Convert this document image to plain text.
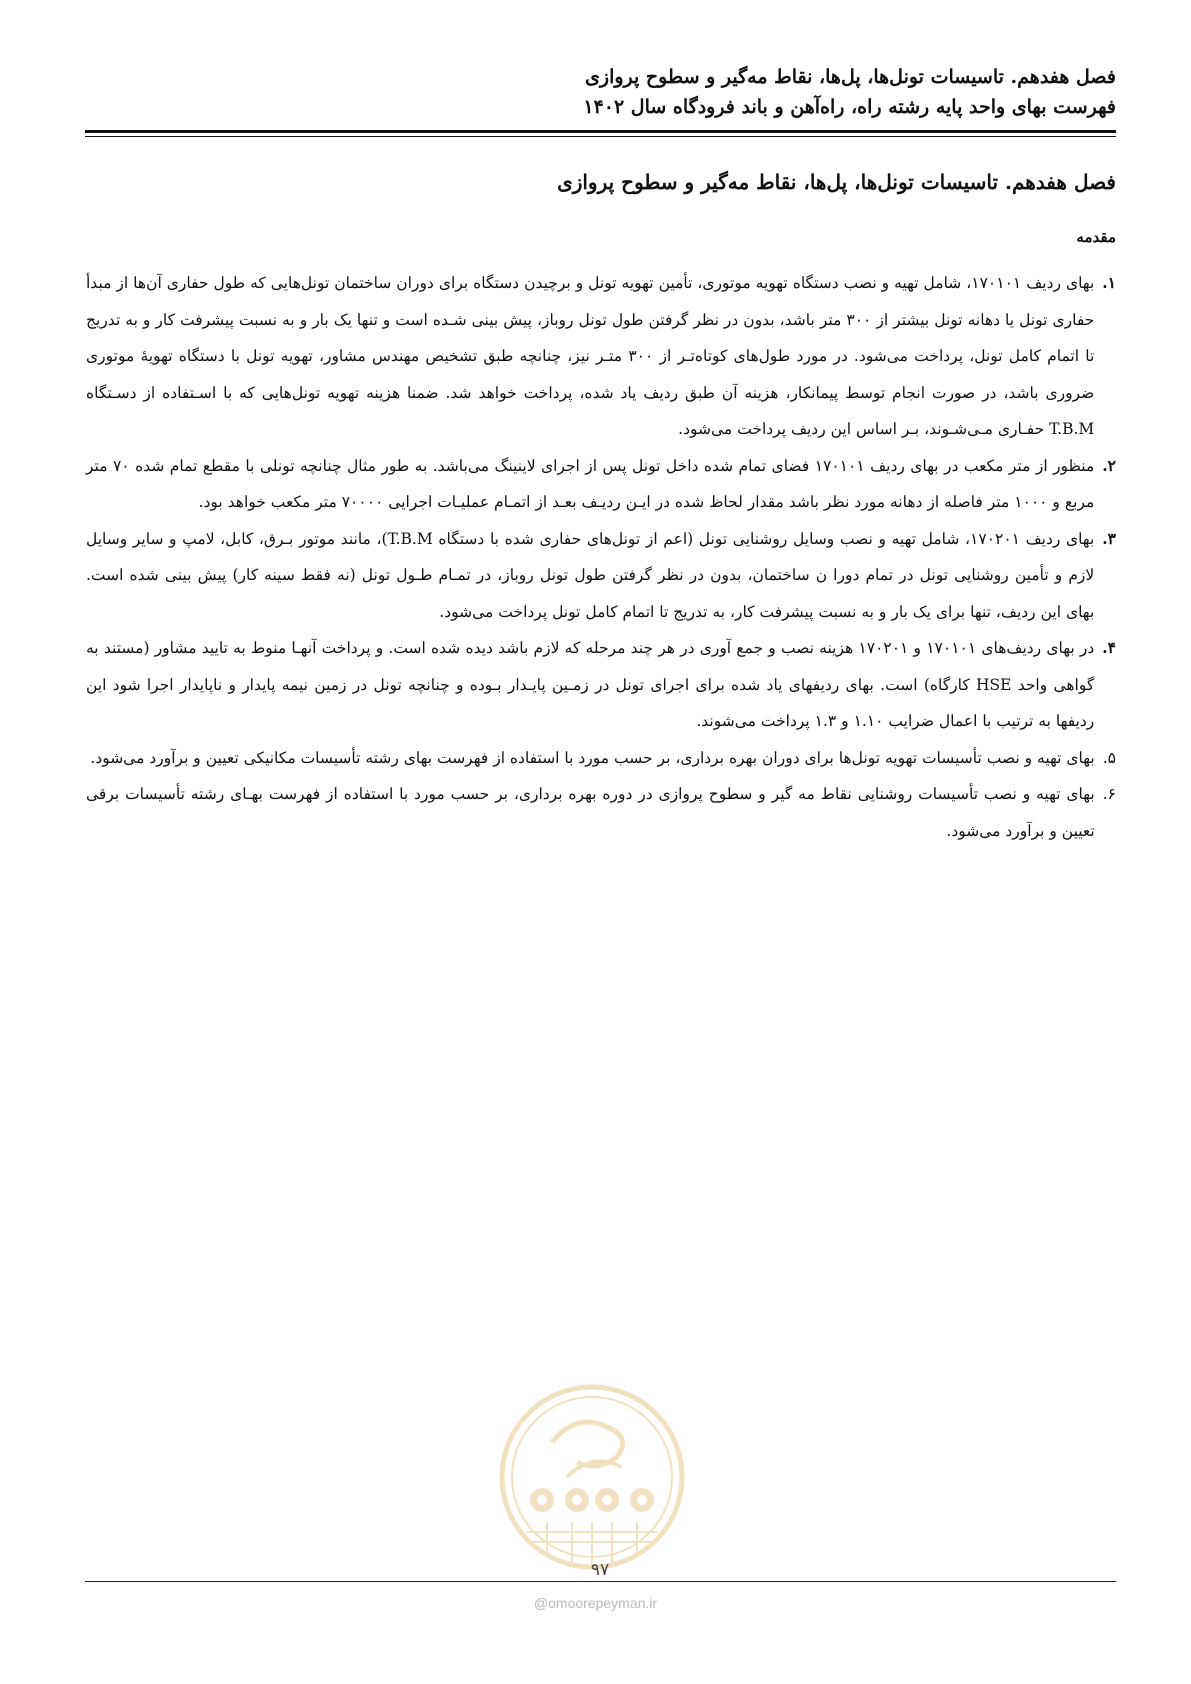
فصل هفدهم. تاسیسات تونل‌ها، پل‌ها، نقاط مه‌گیر و سطوح پروازی
فهرست بهای واحد پایه رشته راه، راه‌آهن و باند فرودگاه سال ۱۴۰۲
فصل هفدهم. تاسیسات تونل‌ها، پل‌ها، نقاط مه‌گیر و سطوح پروازی
مقدمه
۱.
بهای ردیف ۱۷۰۱۰۱، شامل تهیه و نصب دستگاه تهویه موتوری، تأمین تهویه تونل و برچیدن دستگاه برای دوران ساختمان تونل‌هایی که طول حفاری آن‌ها از مبدأ حفاری تونل یا دهانه تونل بیشتر از ۳۰۰ متر باشد، بدون در نظر گرفتن طول تونل روباز، پیش بینی شـده است و تنها یک بار و به نسبت پیشرفت کار و به تدریج تا اتمام کامل تونل، پرداخت می‌شود. در مورد طول‌های کوتاه‌تـر از ۳۰۰ متـر نیز، چنانچه طبق تشخیص مهندس مشاور، تهویه تونل با دستگاه تهویهٔ موتوری ضروری باشد، در صورت انجام توسط پیمانکار، هزینه آن طبق ردیف یاد شده، پرداخت خواهد شد. ضمنا هزینه تهویه تونل‌هایی که با اسـتفاده از دسـتگاه T.B.M حفـاری مـی‌شـوند، بـر اساس این ردیف پرداخت می‌شود.
۲.
منظور از متر مکعب در بهای ردیف ۱۷۰۱۰۱ فضای تمام شده داخل تونل پس از اجرای لاینینگ می‌باشد. به طور مثال چنانچه تونلی با مقطع تمام شده ۷۰ متر مربع و ۱۰۰۰ متر فاصله از دهانه مورد نظر باشد مقدار لحاظ شده در ایـن ردیـف بعـد از اتمـام عملیـات اجرایی ۷۰۰۰۰ متر مکعب خواهد بود.
۳.
بهای ردیف ۱۷۰۲۰۱، شامل تهیه و نصب وسایل روشنایی تونل (اعم از تونل‌های حفاری شده با دستگاه T.B.M)، مانند موتور بـرق، کابل، لامپ و سایر وسایل لازم و تأمین روشنایی تونل در تمام دورا ن ساختمان، بدون در نظر گرفتن طول تونل روباز، در تمـام طـول تونل (نه فقط سینه کار) پیش بینی شده است. بهای این ردیف، تنها برای یک بار و به نسبت پیشرفت کار، به تدریج تا اتمام کامل تونل پرداخت می‌شود.
۴.
در بهای ردیف‌های ۱۷۰۱۰۱ و ۱۷۰۲۰۱ هزینه نصب و جمع آوری در هر چند مرحله که لازم باشد دیده شده است. و پرداخت آنهـا منوط به تایید مشاور (مستند به گواهی واحد HSE کارگاه) است. بهای ردیفهای یاد شده برای اجرای تونل در زمـین پایـدار بـوده و چنانچه تونل در زمین نیمه پایدار و ناپایدار اجرا شود این ردیفها به ترتیب با اعمال ضرایب ۱.۱۰ و ۱.۳ پرداخت می‌شوند.
۵.
بهای تهیه و نصب تأسیسات تهویه تونل‌ها برای دوران بهره برداری، بر حسب مورد با استفاده از فهرست بهای رشته تأسیسات مکانیکی تعیین و برآورد می‌شود.
۶.
بهای تهیه و نصب تأسیسات روشنایی نقاط مه گیر و سطوح پروازی در دوره بهره برداری، بر حسب مورد با استفاده از فهرست بهـای رشته تأسیسات برقی تعیین و برآورد می‌شود.
۹۷
@omoorepeyman.ir
